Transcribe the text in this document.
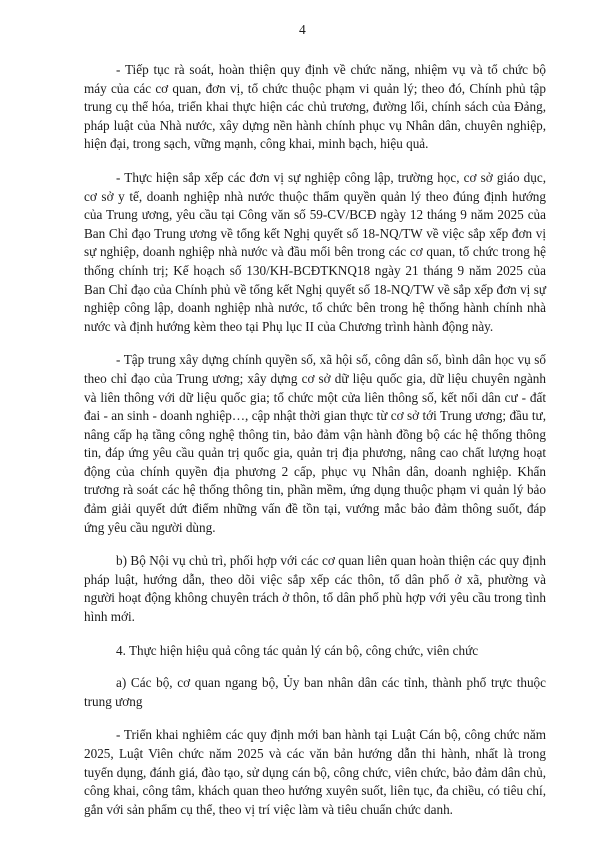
4

- Tiếp tục rà soát, hoàn thiện quy định về chức năng, nhiệm vụ và tổ chức bộ máy của các cơ quan, đơn vị, tổ chức thuộc phạm vi quản lý; theo đó, Chính phủ tập trung cụ thể hóa, triển khai thực hiện các chủ trương, đường lối, chính sách của Đảng, pháp luật của Nhà nước, xây dựng nền hành chính phục vụ Nhân dân, chuyên nghiệp, hiện đại, trong sạch, vững mạnh, công khai, minh bạch, hiệu quả.

- Thực hiện sắp xếp các đơn vị sự nghiệp công lập, trường học, cơ sở giáo dục, cơ sở y tế, doanh nghiệp nhà nước thuộc thẩm quyền quản lý theo đúng định hướng của Trung ương, yêu cầu tại Công văn số 59-CV/BCĐ ngày 12 tháng 9 năm 2025 của Ban Chỉ đạo Trung ương về tổng kết Nghị quyết số 18-NQ/TW về việc sắp xếp đơn vị sự nghiệp, doanh nghiệp nhà nước và đầu mối bên trong các cơ quan, tổ chức trong hệ thống chính trị; Kế hoạch số 130/KH-BCĐTKNQ18 ngày 21 tháng 9 năm 2025 của Ban Chỉ đạo của Chính phủ về tổng kết Nghị quyết số 18-NQ/TW về sắp xếp đơn vị sự nghiệp công lập, doanh nghiệp nhà nước, tổ chức bên trong hệ thống hành chính nhà nước và định hướng kèm theo tại Phụ lục II của Chương trình hành động này.

- Tập trung xây dựng chính quyền số, xã hội số, công dân số, bình dân học vụ số theo chỉ đạo của Trung ương; xây dựng cơ sở dữ liệu quốc gia, dữ liệu chuyên ngành và liên thông với dữ liệu quốc gia; tổ chức một cửa liên thông số, kết nối dân cư - đất đai - an sinh - doanh nghiệp…, cập nhật thời gian thực từ cơ sở tới Trung ương; đầu tư, nâng cấp hạ tầng công nghệ thông tin, bảo đảm vận hành đồng bộ các hệ thống thông tin, đáp ứng yêu cầu quản trị quốc gia, quản trị địa phương, nâng cao chất lượng hoạt động của chính quyền địa phương 2 cấp, phục vụ Nhân dân, doanh nghiệp. Khẩn trương rà soát các hệ thống thông tin, phần mềm, ứng dụng thuộc phạm vi quản lý bảo đảm giải quyết dứt điểm những vấn đề tồn tại, vướng mắc bảo đảm thông suốt, đáp ứng yêu cầu người dùng.

b) Bộ Nội vụ chủ trì, phối hợp với các cơ quan liên quan hoàn thiện các quy định pháp luật, hướng dẫn, theo dõi việc sắp xếp các thôn, tổ dân phố ở xã, phường và người hoạt động không chuyên trách ở thôn, tổ dân phố phù hợp với yêu cầu trong tình hình mới.

4. Thực hiện hiệu quả công tác quản lý cán bộ, công chức, viên chức

a) Các bộ, cơ quan ngang bộ, Ủy ban nhân dân các tỉnh, thành phố trực thuộc trung ương

- Triển khai nghiêm các quy định mới ban hành tại Luật Cán bộ, công chức năm 2025, Luật Viên chức năm 2025 và các văn bản hướng dẫn thi hành, nhất là trong tuyển dụng, đánh giá, đào tạo, sử dụng cán bộ, công chức, viên chức, bảo đảm dân chủ, công khai, công tâm, khách quan theo hướng xuyên suốt, liên tục, đa chiều, có tiêu chí, gắn với sản phẩm cụ thể, theo vị trí việc làm và tiêu chuẩn chức danh.
